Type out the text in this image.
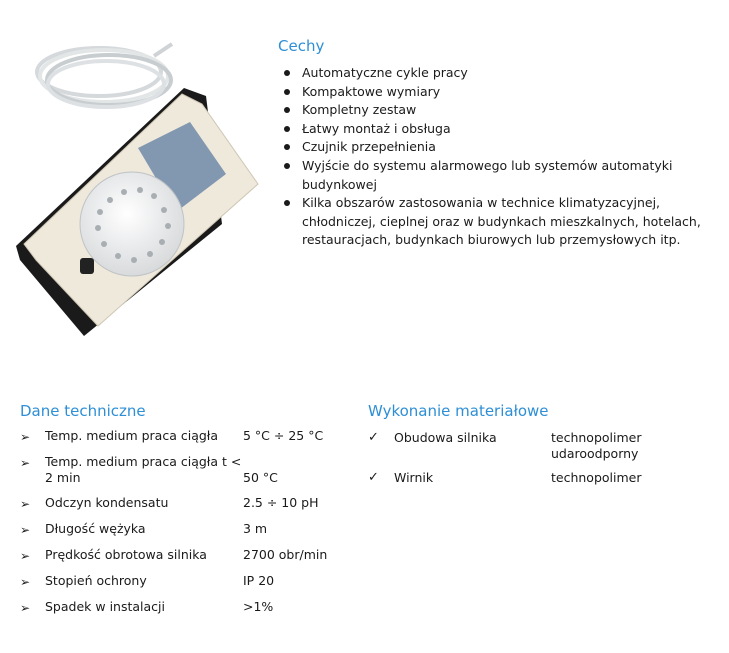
Cechy
Automatyczne cykle pracy
Kompaktowe wymiary
Kompletny zestaw
Łatwy montaż i obsługa
Czujnik przepełnienia
Wyjście do systemu alarmowego lub systemów automatyki budynkowej
Kilka obszarów zastosowania w technice klimatyzacyjnej, chłodniczej, cieplnej oraz w budynkach mieszkalnych, hotelach, restauracjach, budynkach biurowych lub przemysłowych itp.
Dane techniczne
➢	Temp. medium praca ciągła	5 °C ÷ 25 °C
➢	Temp. medium praca ciągła t < 2 min	50 °C
➢	Odczyn kondensatu	2.5 ÷ 10 pH
➢	Długość wężyka	3 m
➢	Prędkość obrotowa silnika	2700 obr/min
➢	Stopień ochrony	IP 20
➢	Spadek w instalacji	>1%
Wykonanie materiałowe
✓	Obudowa silnika	technopolimer udaroodporny
✓	Wirnik	technopolimer
